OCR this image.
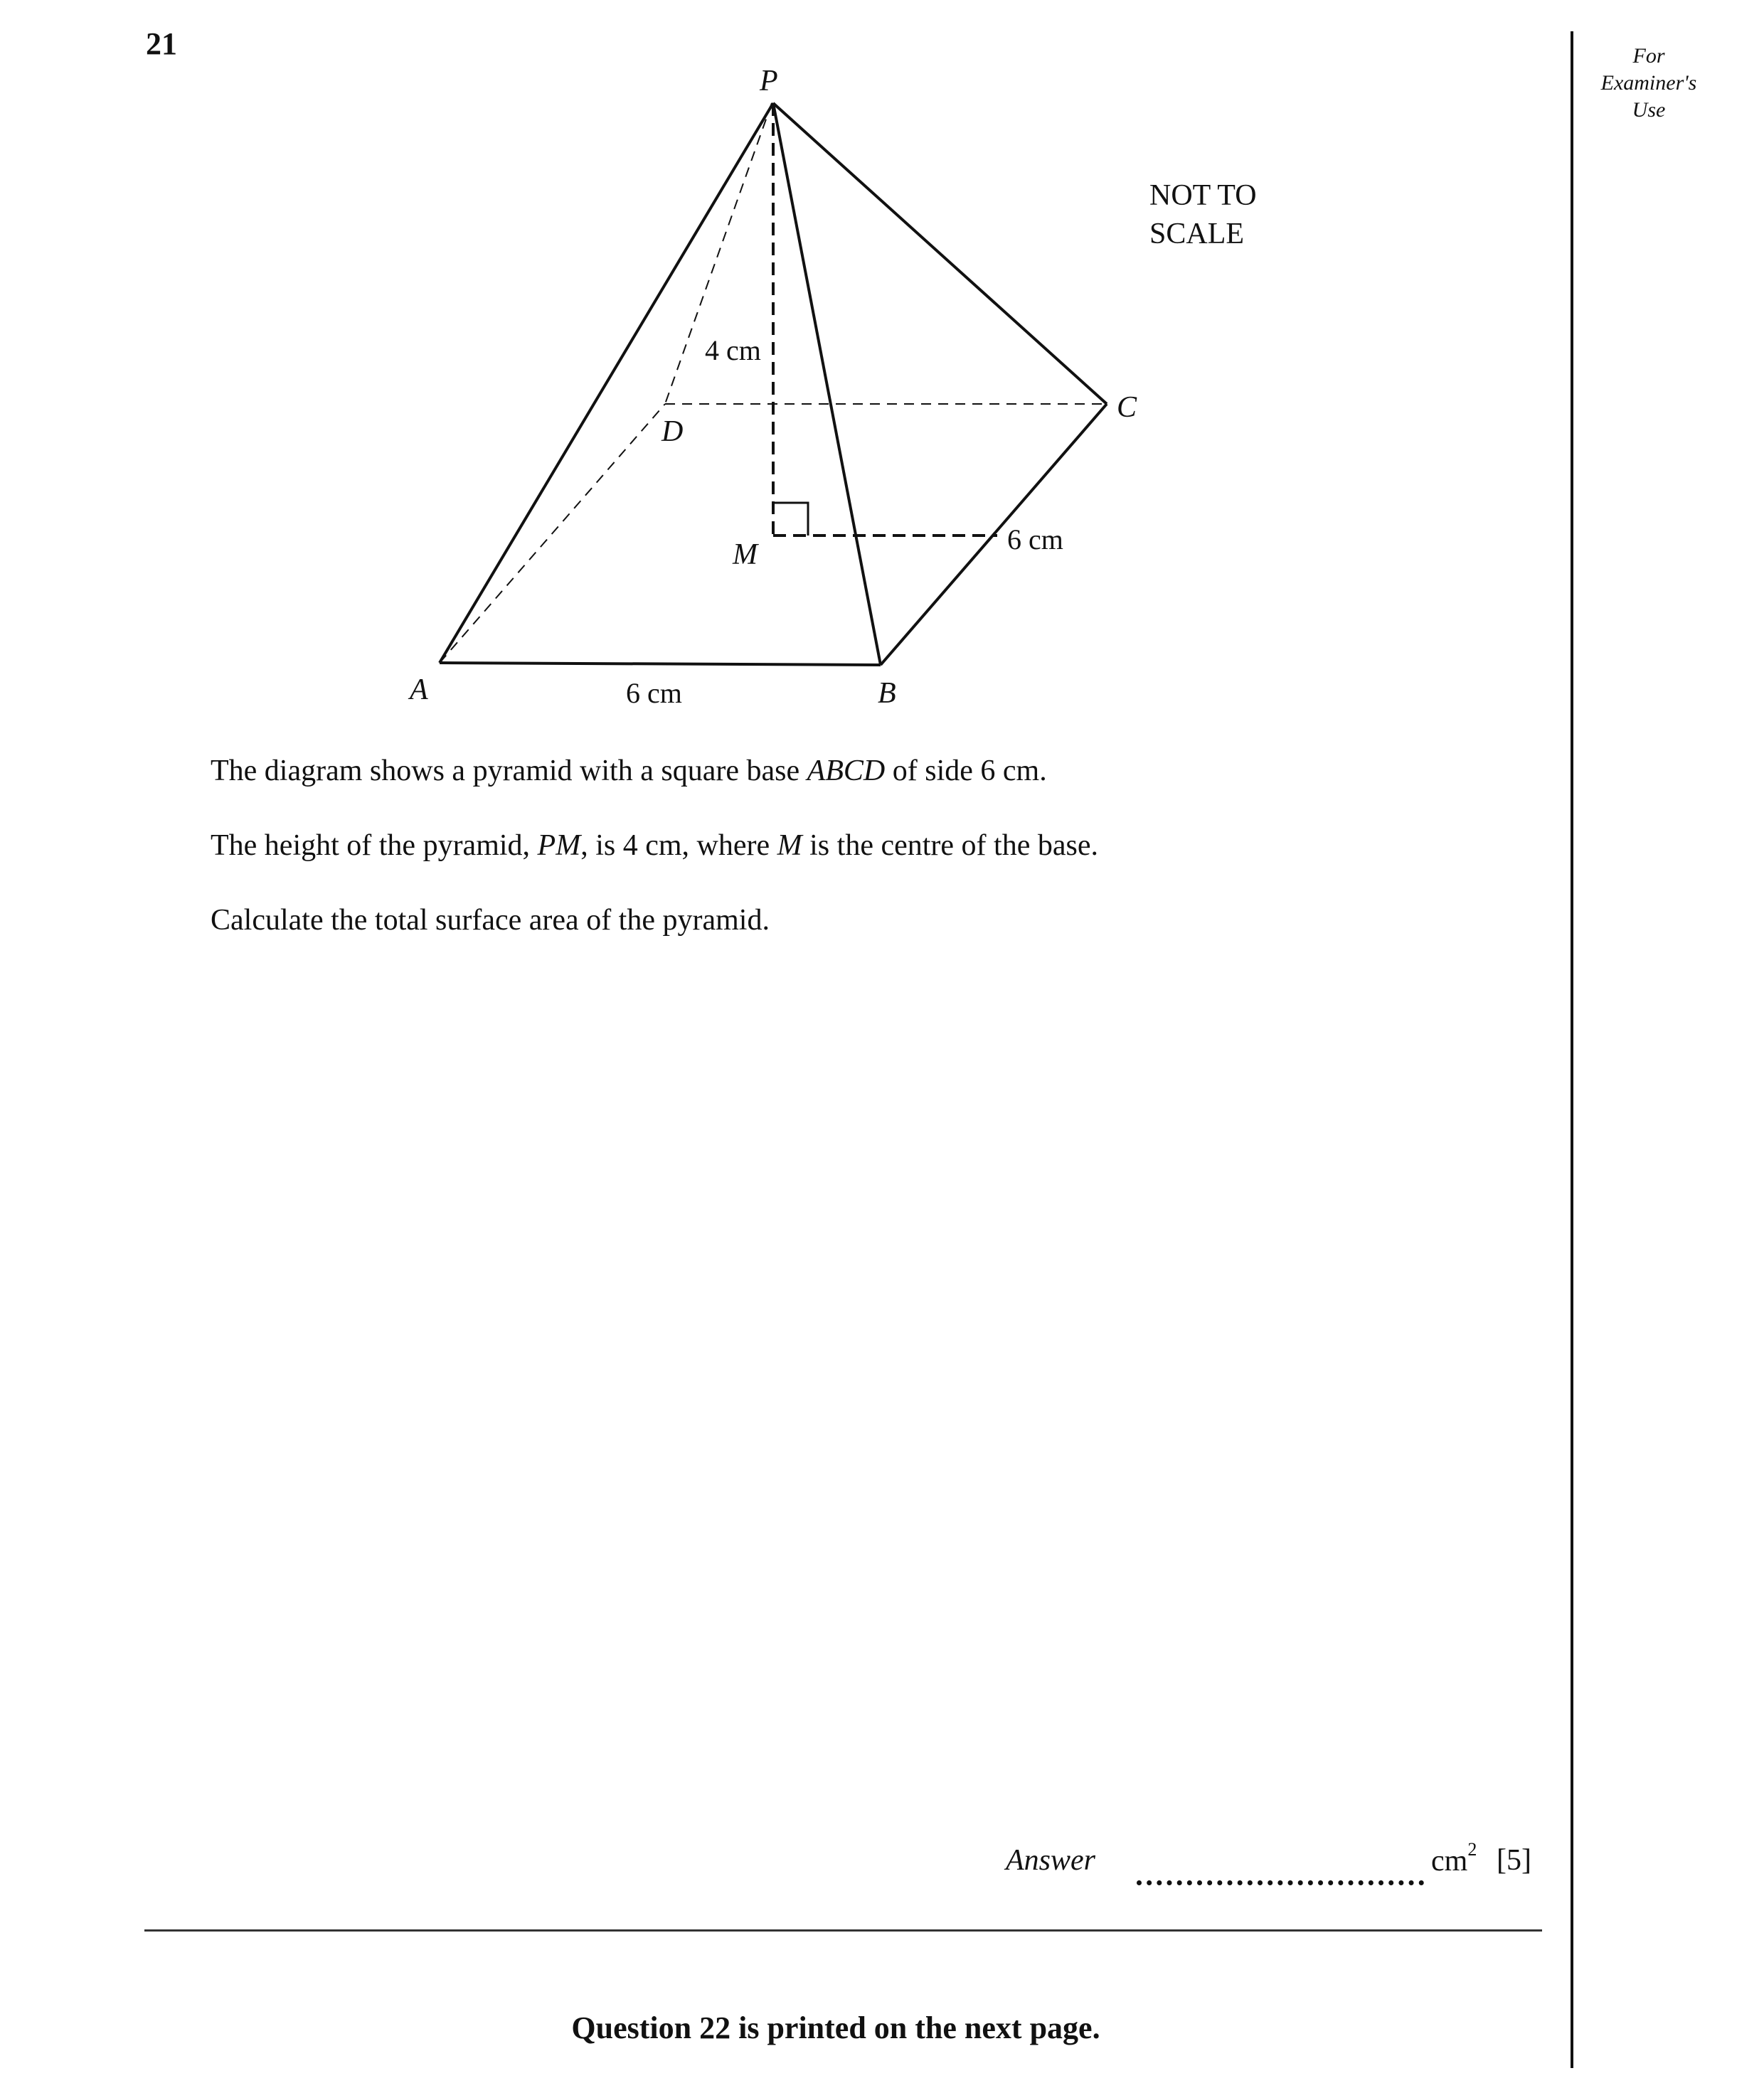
21	For
Examiner's
Use
P
A	B
C
D
M
4 cm
6 cm
6 cm
NOT TO
SCALE
The diagram shows a pyramid with a square base ABCD of side 6 cm.
The height of the pyramid, PM, is 4 cm, where M is the centre of the base.
Calculate the total surface area of the pyramid.
Answer	$cm^2$ [5]
Question 22 is printed on the next page.
